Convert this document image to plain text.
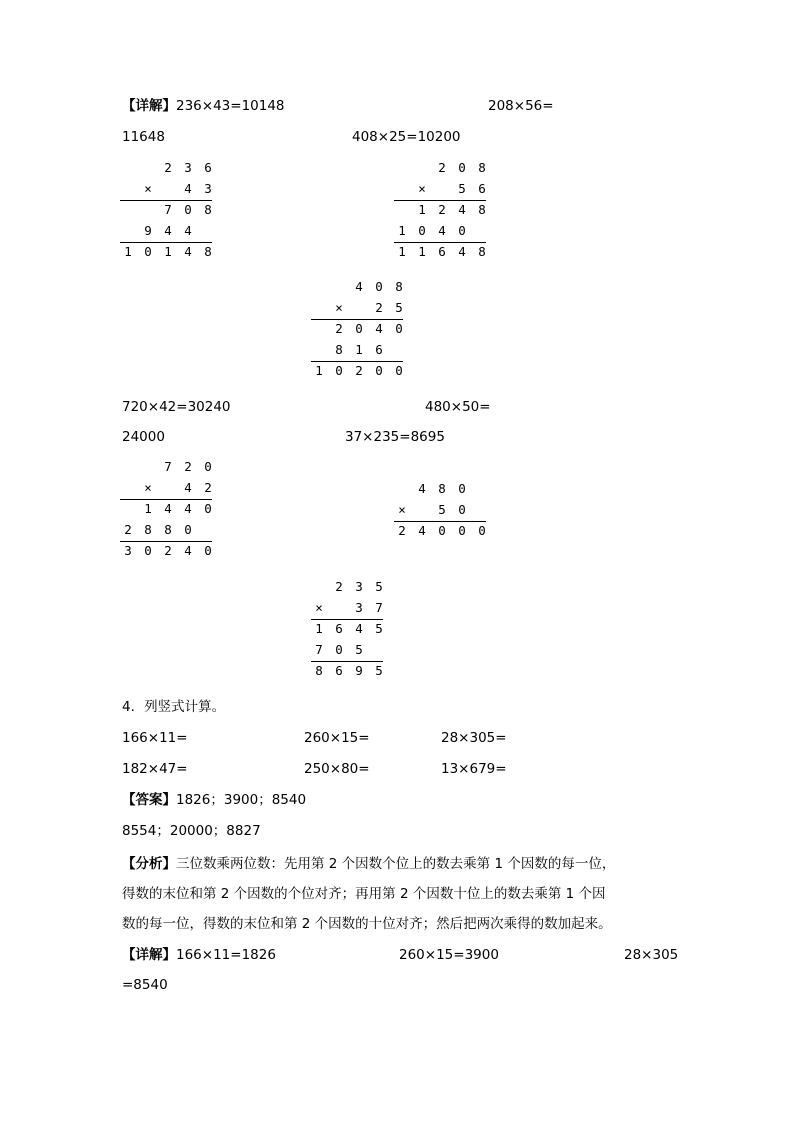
【详解】236×43=10148	208×56=
11648	408×25=10200
2 3 6
×	4 3
7 0 8
9 4 4
1 0 1 4 8
2 0 8
×	5 6
1 2 4 8
1 0 4 0
1 1 6 4 8
4 0 8
×	2 5
2 0 4 0
8 1 6
1 0 2 0 0
720×42=30240	480×50=
24000	37×235=8695
7 2 0
×	4 2
1 4 4 0
2 8 8 0
3 0 2 4 0
4 8 0
×	5 0
2 4 0 0 0
2 3 5
×	3 7
1 6 4 5
7 0 5
8 6 9 5
4．列竖式计算。
166×11=	260×15=	28×305=
182×47=	250×80=	13×679=
【答案】1826；3900；8540
8554；20000；8827
【分析】三位数乘两位数：先用第 2 个因数个位上的数去乘第 1 个因数的每一位，
得数的末位和第 2 个因数的个位对齐；再用第 2 个因数十位上的数去乘第 1 个因
数的每一位，得数的末位和第 2 个因数的十位对齐；然后把两次乘得的数加起来。
【详解】166×11=1826	260×15=3900	28×305
=8540
